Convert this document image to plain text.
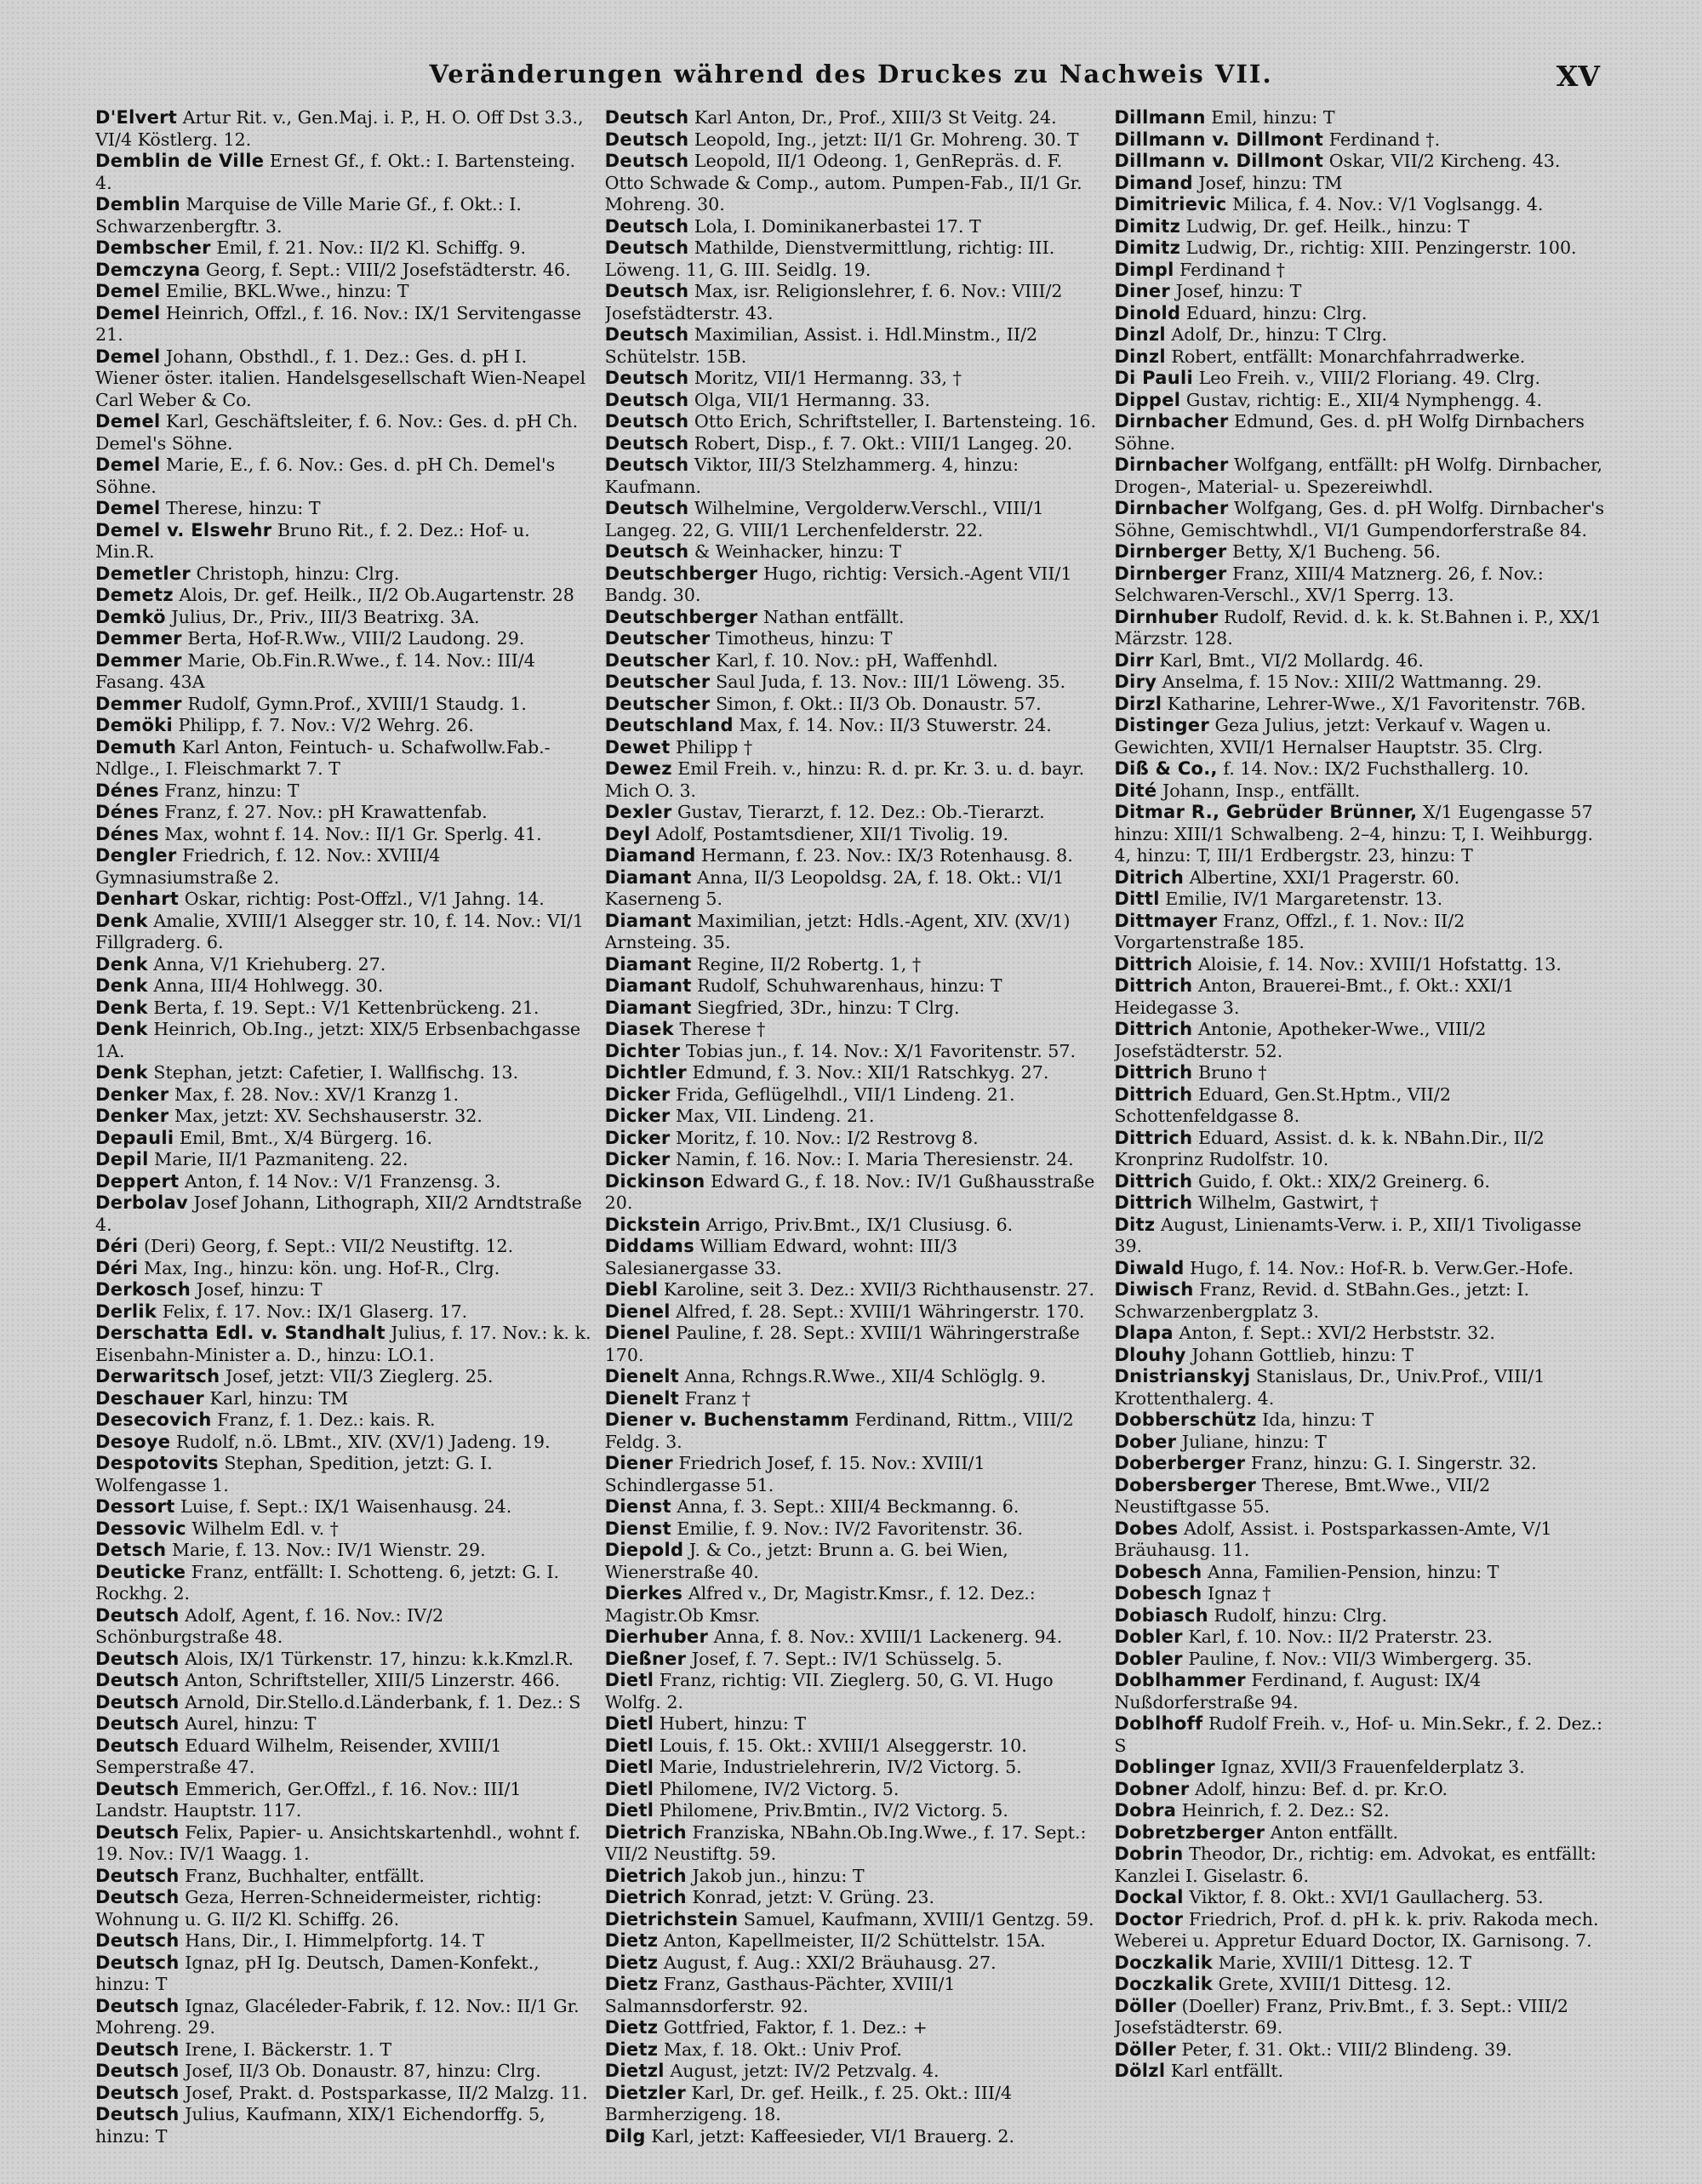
Veränderungen während des Druckes zu Nachweis VII.	XV

D'Elvert Artur Rit. v., Gen.Maj. i. P., H. O. Off Dst 3.3., VI/4 Köstlerg. 12.

Demblin de Ville Ernest Gf., f. Okt.: I. Bartensteing. 4.

Demblin Marquise de Ville Marie Gf., f. Okt.: I. Schwarzenbergftr. 3.

Dembscher Emil, f. 21. Nov.: II/2 Kl. Schiffg. 9.

Demczyna Georg, f. Sept.: VIII/2 Josefstädterstr. 46.

Demel Emilie, BKL.Wwe., hinzu: T

Demel Heinrich, Offzl., f. 16. Nov.: IX/1 Servitengasse 21.

Demel Johann, Obsthdl., f. 1. Dez.: Ges. d. pH I. Wiener öster. italien. Handelsgesellschaft Wien-Neapel Carl Weber & Co.

Demel Karl, Geschäftsleiter, f. 6. Nov.: Ges. d. pH Ch. Demel's Söhne.

Demel Marie, E., f. 6. Nov.: Ges. d. pH Ch. Demel's Söhne.

Demel Therese, hinzu: T

Demel v. Elswehr Bruno Rit., f. 2. Dez.: Hof- u. Min.R.

Demetler Christoph, hinzu: Clrg.

Demetz Alois, Dr. gef. Heilk., II/2 Ob.Augartenstr. 28

Demkö Julius, Dr., Priv., III/3 Beatrixg. 3A.

Demmer Berta, Hof-R.Ww., VIII/2 Laudong. 29.

Demmer Marie, Ob.Fin.R.Wwe., f. 14. Nov.: III/4 Fasang. 43A

Demmer Rudolf, Gymn.Prof., XVIII/1 Staudg. 1.

Demöki Philipp, f. 7. Nov.: V/2 Wehrg. 26.

Demuth Karl Anton, Feintuch- u. Schafwollw.Fab.-Ndlge., I. Fleischmarkt 7. T

Dénes Franz, hinzu: T

Dénes Franz, f. 27. Nov.: pH Krawattenfab.

Dénes Max, wohnt f. 14. Nov.: II/1 Gr. Sperlg. 41.

Dengler Friedrich, f. 12. Nov.: XVIII/4 Gymnasiumstraße 2.

Denhart Oskar, richtig: Post-Offzl., V/1 Jahng. 14.

Denk Amalie, XVIII/1 Alsegger str. 10, f. 14. Nov.: VI/1 Fillgraderg. 6.

Denk Anna, V/1 Kriehuberg. 27.

Denk Anna, III/4 Hohlwegg. 30.

Denk Berta, f. 19. Sept.: V/1 Kettenbrückeng. 21.

Denk Heinrich, Ob.Ing., jetzt: XIX/5 Erbsenbachgasse 1A.

Denk Stephan, jetzt: Cafetier, I. Wallfischg. 13.

Denker Max, f. 28. Nov.: XV/1 Kranzg 1.

Denker Max, jetzt: XV. Sechshauserstr. 32.

Depauli Emil, Bmt., X/4 Bürgerg. 16.

Depil Marie, II/1 Pazmaniteng. 22.

Deppert Anton, f. 14 Nov.: V/1 Franzensg. 3.

Derbolav Josef Johann, Lithograph, XII/2 Arndtstraße 4.

Déri (Deri) Georg, f. Sept.: VII/2 Neustiftg. 12.

Déri Max, Ing., hinzu: kön. ung. Hof-R., Clrg.

Derkosch Josef, hinzu: T

Derlik Felix, f. 17. Nov.: IX/1 Glaserg. 17.

Derschatta Edl. v. Standhalt Julius, f. 17. Nov.: k. k. Eisenbahn-Minister a. D., hinzu: LO.1.

Derwaritsch Josef, jetzt: VII/3 Zieglerg. 25.

Deschauer Karl, hinzu: TM

Desecovich Franz, f. 1. Dez.: kais. R.

Desoye Rudolf, n.ö. LBmt., XIV. (XV/1) Jadeng. 19.

Despotovits Stephan, Spedition, jetzt: G. I. Wolfengasse 1.

Dessort Luise, f. Sept.: IX/1 Waisenhausg. 24.

Dessovic Wilhelm Edl. v. †

Detsch Marie, f. 13. Nov.: IV/1 Wienstr. 29.

Deuticke Franz, entfällt: I. Schotteng. 6, jetzt: G. I. Rockhg. 2.

Deutsch Adolf, Agent, f. 16. Nov.: IV/2 Schönburgstraße 48.

Deutsch Alois, IX/1 Türkenstr. 17, hinzu: k.k.Kmzl.R.

Deutsch Anton, Schriftsteller, XIII/5 Linzerstr. 466.

Deutsch Arnold, Dir.Stello.d.Länderbank, f. 1. Dez.: S

Deutsch Aurel, hinzu: T

Deutsch Eduard Wilhelm, Reisender, XVIII/1 Semperstraße 47.

Deutsch Emmerich, Ger.Offzl., f. 16. Nov.: III/1 Landstr. Hauptstr. 117.

Deutsch Felix, Papier- u. Ansichtskartenhdl., wohnt f. 19. Nov.: IV/1 Waagg. 1.

Deutsch Franz, Buchhalter, entfällt.

Deutsch Geza, Herren-Schneidermeister, richtig: Wohnung u. G. II/2 Kl. Schiffg. 26.

Deutsch Hans, Dir., I. Himmelpfortg. 14. T

Deutsch Ignaz, pH Ig. Deutsch, Damen-Konfekt., hinzu: T

Deutsch Ignaz, Glacéleder-Fabrik, f. 12. Nov.: II/1 Gr. Mohreng. 29.

Deutsch Irene, I. Bäckerstr. 1. T

Deutsch Josef, II/3 Ob. Donaustr. 87, hinzu: Clrg.

Deutsch Josef, Prakt. d. Postsparkasse, II/2 Malzg. 11.

Deutsch Julius, Kaufmann, XIX/1 Eichendorffg. 5, hinzu: T

Deutsch Karl Anton, Dr., Prof., XIII/3 St Veitg. 24.

Deutsch Leopold, Ing., jetzt: II/1 Gr. Mohreng. 30. T

Deutsch Leopold, II/1 Odeong. 1, GenRepräs. d. F. Otto Schwade & Comp., autom. Pumpen-Fab., II/1 Gr. Mohreng. 30.

Deutsch Lola, I. Dominikanerbastei 17. T

Deutsch Mathilde, Dienstvermittlung, richtig: III. Löweng. 11, G. III. Seidlg. 19.

Deutsch Max, isr. Religionslehrer, f. 6. Nov.: VIII/2 Josefstädterstr. 43.

Deutsch Maximilian, Assist. i. Hdl.Minstm., II/2 Schütelstr. 15B.

Deutsch Moritz, VII/1 Hermanng. 33, †

Deutsch Olga, VII/1 Hermanng. 33.

Deutsch Otto Erich, Schriftsteller, I. Bartensteing. 16.

Deutsch Robert, Disp., f. 7. Okt.: VIII/1 Langeg. 20.

Deutsch Viktor, III/3 Stelzhammerg. 4, hinzu: Kaufmann.

Deutsch Wilhelmine, Vergolderw.Verschl., VIII/1 Langeg. 22, G. VIII/1 Lerchenfelderstr. 22.

Deutsch & Weinhacker, hinzu: T

Deutschberger Hugo, richtig: Versich.-Agent VII/1 Bandg. 30.

Deutschberger Nathan entfällt.

Deutscher Timotheus, hinzu: T

Deutscher Karl, f. 10. Nov.: pH, Waffenhdl.

Deutscher Saul Juda, f. 13. Nov.: III/1 Löweng. 35.

Deutscher Simon, f. Okt.: II/3 Ob. Donaustr. 57.

Deutschland Max, f. 14. Nov.: II/3 Stuwerstr. 24.

Dewet Philipp †

Dewez Emil Freih. v., hinzu: R. d. pr. Kr. 3. u. d. bayr. Mich O. 3.

Dexler Gustav, Tierarzt, f. 12. Dez.: Ob.-Tierarzt.

Deyl Adolf, Postamtsdiener, XII/1 Tivolig. 19.

Diamand Hermann, f. 23. Nov.: IX/3 Rotenhausg. 8.

Diamant Anna, II/3 Leopoldsg. 2A, f. 18. Okt.: VI/1 Kaserneng 5.

Diamant Maximilian, jetzt: Hdls.-Agent, XIV. (XV/1) Arnsteing. 35.

Diamant Regine, II/2 Robertg. 1, †

Diamant Rudolf, Schuhwarenhaus, hinzu: T

Diamant Siegfried, 3Dr., hinzu: T Clrg.

Diasek Therese †

Dichter Tobias jun., f. 14. Nov.: X/1 Favoritenstr. 57.

Dichtler Edmund, f. 3. Nov.: XII/1 Ratschkyg. 27.

Dicker Frida, Geflügelhdl., VII/1 Lindeng. 21.

Dicker Max, VII. Lindeng. 21.

Dicker Moritz, f. 10. Nov.: I/2 Restrovg 8.

Dicker Namin, f. 16. Nov.: I. Maria Theresienstr. 24.

Dickinson Edward G., f. 18. Nov.: IV/1 Gußhausstraße 20.

Dickstein Arrigo, Priv.Bmt., IX/1 Clusiusg. 6.

Diddams William Edward, wohnt: III/3 Salesianergasse 33.

Diebl Karoline, seit 3. Dez.: XVII/3 Richthausenstr. 27.

Dienel Alfred, f. 28. Sept.: XVIII/1 Währingerstr. 170.

Dienel Pauline, f. 28. Sept.: XVIII/1 Währingerstraße 170.

Dienelt Anna, Rchngs.R.Wwe., XII/4 Schlöglg. 9.

Dienelt Franz †

Diener v. Buchenstamm Ferdinand, Rittm., VIII/2 Feldg. 3.

Diener Friedrich Josef, f. 15. Nov.: XVIII/1 Schindlergasse 51.

Dienst Anna, f. 3. Sept.: XIII/4 Beckmanng. 6.

Dienst Emilie, f. 9. Nov.: IV/2 Favoritenstr. 36.

Diepold J. & Co., jetzt: Brunn a. G. bei Wien, Wienerstraße 40.

Dierkes Alfred v., Dr, Magistr.Kmsr., f. 12. Dez.: Magistr.Ob Kmsr.

Dierhuber Anna, f. 8. Nov.: XVIII/1 Lackenerg. 94.

Dießner Josef, f. 7. Sept.: IV/1 Schüsselg. 5.

Dietl Franz, richtig: VII. Zieglerg. 50, G. VI. Hugo Wolfg. 2.

Dietl Hubert, hinzu: T

Dietl Louis, f. 15. Okt.: XVIII/1 Alseggerstr. 10.

Dietl Marie, Industrielehrerin, IV/2 Victorg. 5.

Dietl Philomene, IV/2 Victorg. 5.

Dietl Philomene, Priv.Bmtin., IV/2 Victorg. 5.

Dietrich Franziska, NBahn.Ob.Ing.Wwe., f. 17. Sept.: VII/2 Neustiftg. 59.

Dietrich Jakob jun., hinzu: T

Dietrich Konrad, jetzt: V. Grüng. 23.

Dietrichstein Samuel, Kaufmann, XVIII/1 Gentzg. 59.

Dietz Anton, Kapellmeister, II/2 Schüttelstr. 15A.

Dietz August, f. Aug.: XXI/2 Bräuhausg. 27.

Dietz Franz, Gasthaus-Pächter, XVIII/1 Salmannsdorferstr. 92.

Dietz Gottfried, Faktor, f. 1. Dez.: +

Dietz Max, f. 18. Okt.: Univ Prof.

Dietzl August, jetzt: IV/2 Petzvalg. 4.

Dietzler Karl, Dr. gef. Heilk., f. 25. Okt.: III/4 Barmherzigeng. 18.

Dilg Karl, jetzt: Kaffeesieder, VI/1 Brauerg. 2.

Dillmann Emil, hinzu: T

Dillmann v. Dillmont Ferdinand †.

Dillmann v. Dillmont Oskar, VII/2 Kircheng. 43.

Dimand Josef, hinzu: TM

Dimitrievic Milica, f. 4. Nov.: V/1 Voglsangg. 4.

Dimitz Ludwig, Dr. gef. Heilk., hinzu: T

Dimitz Ludwig, Dr., richtig: XIII. Penzingerstr. 100.

Dimpl Ferdinand †

Diner Josef, hinzu: T

Dinold Eduard, hinzu: Clrg.

Dinzl Adolf, Dr., hinzu: T Clrg.

Dinzl Robert, entfällt: Monarchfahrradwerke.

Di Pauli Leo Freih. v., VIII/2 Floriang. 49. Clrg.

Dippel Gustav, richtig: E., XII/4 Nymphengg. 4.

Dirnbacher Edmund, Ges. d. pH Wolfg Dirnbachers Söhne.

Dirnbacher Wolfgang, entfällt: pH Wolfg. Dirnbacher, Drogen-, Material- u. Spezereiwhdl.

Dirnbacher Wolfgang, Ges. d. pH Wolfg. Dirnbacher's Söhne, Gemischtwhdl., VI/1 Gumpendorferstraße 84.

Dirnberger Betty, X/1 Bucheng. 56.

Dirnberger Franz, XIII/4 Matznerg. 26, f. Nov.: Selchwaren-Verschl., XV/1 Sperrg. 13.

Dirnhuber Rudolf, Revid. d. k. k. St.Bahnen i. P., XX/1 Märzstr. 128.

Dirr Karl, Bmt., VI/2 Mollardg. 46.

Diry Anselma, f. 15 Nov.: XIII/2 Wattmanng. 29.

Dirzl Katharine, Lehrer-Wwe., X/1 Favoritenstr. 76B.

Distinger Geza Julius, jetzt: Verkauf v. Wagen u. Gewichten, XVII/1 Hernalser Hauptstr. 35. Clrg.

Diß & Co., f. 14. Nov.: IX/2 Fuchsthallerg. 10.

Dité Johann, Insp., entfällt.

Ditmar R., Gebrüder Brünner, X/1 Eugengasse 57 hinzu: XIII/1 Schwalbeng. 2–4, hinzu: T, I. Weihburgg. 4, hinzu: T, III/1 Erdbergstr. 23, hinzu: T

Ditrich Albertine, XXI/1 Pragerstr. 60.

Dittl Emilie, IV/1 Margaretenstr. 13.

Dittmayer Franz, Offzl., f. 1. Nov.: II/2 Vorgartenstraße 185.

Dittrich Aloisie, f. 14. Nov.: XVIII/1 Hofstattg. 13.

Dittrich Anton, Brauerei-Bmt., f. Okt.: XXI/1 Heidegasse 3.

Dittrich Antonie, Apotheker-Wwe., VIII/2 Josefstädterstr. 52.

Dittrich Bruno †

Dittrich Eduard, Gen.St.Hptm., VII/2 Schottenfeldgasse 8.

Dittrich Eduard, Assist. d. k. k. NBahn.Dir., II/2 Kronprinz Rudolfstr. 10.

Dittrich Guido, f. Okt.: XIX/2 Greinerg. 6.

Dittrich Wilhelm, Gastwirt, †

Ditz August, Linienamts-Verw. i. P., XII/1 Tivoligasse 39.

Diwald Hugo, f. 14. Nov.: Hof-R. b. Verw.Ger.-Hofe.

Diwisch Franz, Revid. d. StBahn.Ges., jetzt: I. Schwarzenbergplatz 3.

Dlapa Anton, f. Sept.: XVI/2 Herbststr. 32.

Dlouhy Johann Gottlieb, hinzu: T

Dnistrianskyj Stanislaus, Dr., Univ.Prof., VIII/1 Krottenthalerg. 4.

Dobberschütz Ida, hinzu: T

Dober Juliane, hinzu: T

Doberberger Franz, hinzu: G. I. Singerstr. 32.

Dobersberger Therese, Bmt.Wwe., VII/2 Neustiftgasse 55.

Dobes Adolf, Assist. i. Postsparkassen-Amte, V/1 Bräuhausg. 11.

Dobesch Anna, Familien-Pension, hinzu: T

Dobesch Ignaz †

Dobiasch Rudolf, hinzu: Clrg.

Dobler Karl, f. 10. Nov.: II/2 Praterstr. 23.

Dobler Pauline, f. Nov.: VII/3 Wimbergerg. 35.

Doblhammer Ferdinand, f. August: IX/4 Nußdorferstraße 94.

Doblhoff Rudolf Freih. v., Hof- u. Min.Sekr., f. 2. Dez.: S

Doblinger Ignaz, XVII/3 Frauenfelderplatz 3.

Dobner Adolf, hinzu: Bef. d. pr. Kr.O.

Dobra Heinrich, f. 2. Dez.: S2.

Dobretzberger Anton entfällt.

Dobrin Theodor, Dr., richtig: em. Advokat, es entfällt: Kanzlei I. Giselastr. 6.

Dockal Viktor, f. 8. Okt.: XVI/1 Gaullacherg. 53.

Doctor Friedrich, Prof. d. pH k. k. priv. Rakoda mech. Weberei u. Appretur Eduard Doctor, IX. Garnisong. 7.

Doczkalik Marie, XVIII/1 Dittesg. 12. T

Doczkalik Grete, XVIII/1 Dittesg. 12.

Döller (Doeller) Franz, Priv.Bmt., f. 3. Sept.: VIII/2 Josefstädterstr. 69.

Döller Peter, f. 31. Okt.: VIII/2 Blindeng. 39.

Dölzl Karl entfällt.
